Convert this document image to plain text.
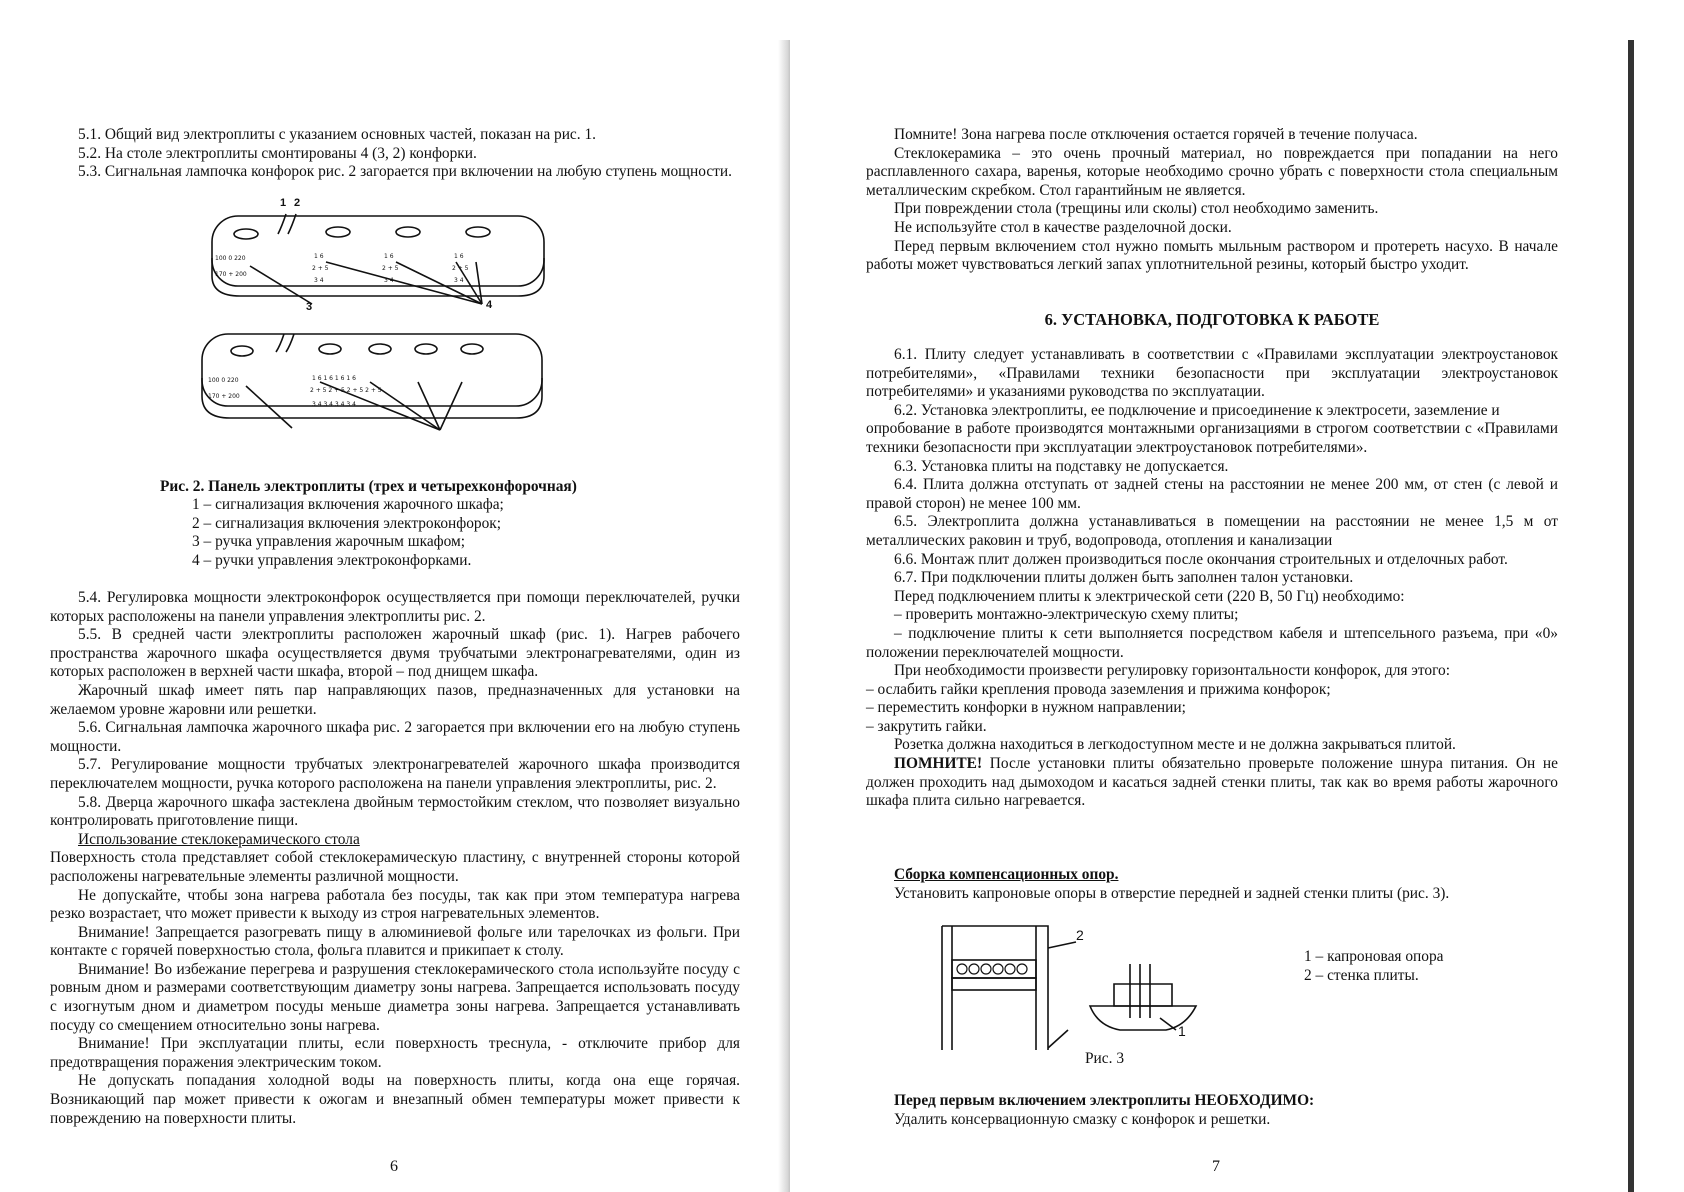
5.1. Общий вид электроплиты с указанием основных частей, показан на рис. 1.

5.2. На столе электроплиты смонтированы 4 (3, 2) конфорки.

5.3. Сигнальная лампочка конфорок рис. 2 загорается при включении на любую ступень мощности.

100 0 220
170 + 200
1 6
2 + 5
3 4
1 6
2 + 5
3 4
1 6
2 + 5
3 4
100 0 220
170 + 200
1 6 1 6 1 6 1 6
2 + 5 2 + 5 2 + 5 2 + 5
3 4 3 4 3 4 3 4
1 2
3	4
Рис. 2. Панель электроплиты (трех и четырехконфорочная)
1 – сигнализация включения жарочного шкафа;
2 – сигнализация включения электроконфорок;
3 – ручка управления жарочным шкафом;
4 – ручки управления электроконфорками.

5.4. Регулировка мощности электроконфорок осуществляется при помощи переключателей, ручки которых расположены на панели управления электроплиты рис. 2.

5.5. В средней части электроплиты расположен жарочный шкаф (рис. 1). Нагрев рабочего пространства жарочного шкафа осуществляется двумя трубчатыми электронагревателями, один из которых расположен в верхней части шкафа, второй – под днищем шкафа.

Жарочный шкаф имеет пять пар направляющих пазов, предназначенных для установки на желаемом уровне жаровни или решетки.

5.6. Сигнальная лампочка жарочного шкафа рис. 2 загорается при включении его на любую ступень мощности.

5.7. Регулирование мощности трубчатых электронагревателей жарочного шкафа производится переключателем мощности, ручка которого расположена на панели управления электроплиты, рис. 2.

5.8. Дверца жарочного шкафа застеклена двойным термостойким стеклом, что позволяет визуально контролировать приготовление пищи.

Использование стеклокерамического стола

Поверхность стола представляет собой стеклокерамическую пластину, с внутренней стороны которой расположены нагревательные элементы различной мощности.

Не допускайте, чтобы зона нагрева работала без посуды, так как при этом температура нагрева резко возрастает, что может привести к выходу из строя нагревательных элементов.

Внимание! Запрещается разогревать пищу в алюминиевой фольге или тарелочках из фольги. При контакте с горячей поверхностью стола, фольга плавится и прикипает к столу.

Внимание! Во избежание перегрева и разрушения стеклокерамического стола используйте посуду с ровным дном и размерами соответствующим диаметру зоны нагрева. Запрещается использовать посуду с изогнутым дном и диаметром посуды меньше диаметра зоны нагрева. Запрещается устанавливать посуду со смещением относительно зоны нагрева.

Внимание! При эксплуатации плиты, если поверхность треснула, - отключите прибор для предотвращения поражения электрическим током.

Не допускать попадания холодной воды на поверхность плиты, когда она еще горячая. Возникающий пар может привести к ожогам и внезапный обмен температуры может привести к повреждению на поверхности плиты.

6

Помните! Зона нагрева после отключения остается горячей в течение получаса.

Стеклокерамика – это очень прочный материал, но повреждается при попадании на него расплавленного сахара, варенья, которые необходимо срочно убрать с поверхности стола специальным металлическим скребком. Стол гарантийным не является.

При повреждении стола (трещины или сколы) стол необходимо заменить.

Не используйте стол в качестве разделочной доски.

Перед первым включением стол нужно помыть мыльным раствором и протереть насухо. В начале работы может чувствоваться легкий запах уплотнительной резины, который быстро уходит.

6. УСТАНОВКА, ПОДГОТОВКА К РАБОТЕ

6.1. Плиту следует устанавливать в соответствии с «Правилами эксплуатации электроустановок потребителями», «Правилами техники безопасности при эксплуатации электроустановок потребителями» и указаниями руководства по эксплуатации.

6.2. Установка электроплиты, ее подключение и присоединение к электросети, заземление и

опробование в работе производятся монтажными организациями в строгом соответствии с «Правилами техники безопасности при эксплуатации электроустановок потребителями».

6.3. Установка плиты на подставку не допускается.

6.4. Плита должна отступать от задней стены на расстоянии не менее 200 мм, от стен (с левой и правой сторон) не менее 100 мм.

6.5. Электроплита должна устанавливаться в помещении на расстоянии не менее 1,5 м от металлических раковин и труб, водопровода, отопления и канализации

6.6. Монтаж плит должен производиться после окончания строительных и отделочных работ.

6.7. При подключении плиты должен быть заполнен талон установки.

Перед подключением плиты к электрической сети (220 В, 50 Гц) необходимо:

– проверить монтажно-электрическую схему плиты;

– подключение плиты к сети выполняется посредством кабеля и штепсельного разъема, при «0» положении переключателей мощности.

При необходимости произвести регулировку горизонтальности конфорок, для этого:

– ослабить гайки крепления провода заземления и прижима конфорок;

– переместить конфорки в нужном направлении;

– закрутить гайки.

Розетка должна находиться в легкодоступном месте и не должна закрываться плитой.

ПОМНИТЕ! После установки плиты обязательно проверьте положение шнура питания. Он не должен проходить над дымоходом и касаться задней стенки плиты, так как во время работы жарочного шкафа плита сильно нагревается.

Сборка компенсационных опор.

Установить капроновые опоры в отверстие передней и задней стенки плиты (рис. 3).

2
1
1 – капроновая опора
2 – стенка плиты.
Рис. 3

Перед первым включением электроплиты НЕОБХОДИМО:

Удалить консервационную смазку с конфорок и решетки.

7
